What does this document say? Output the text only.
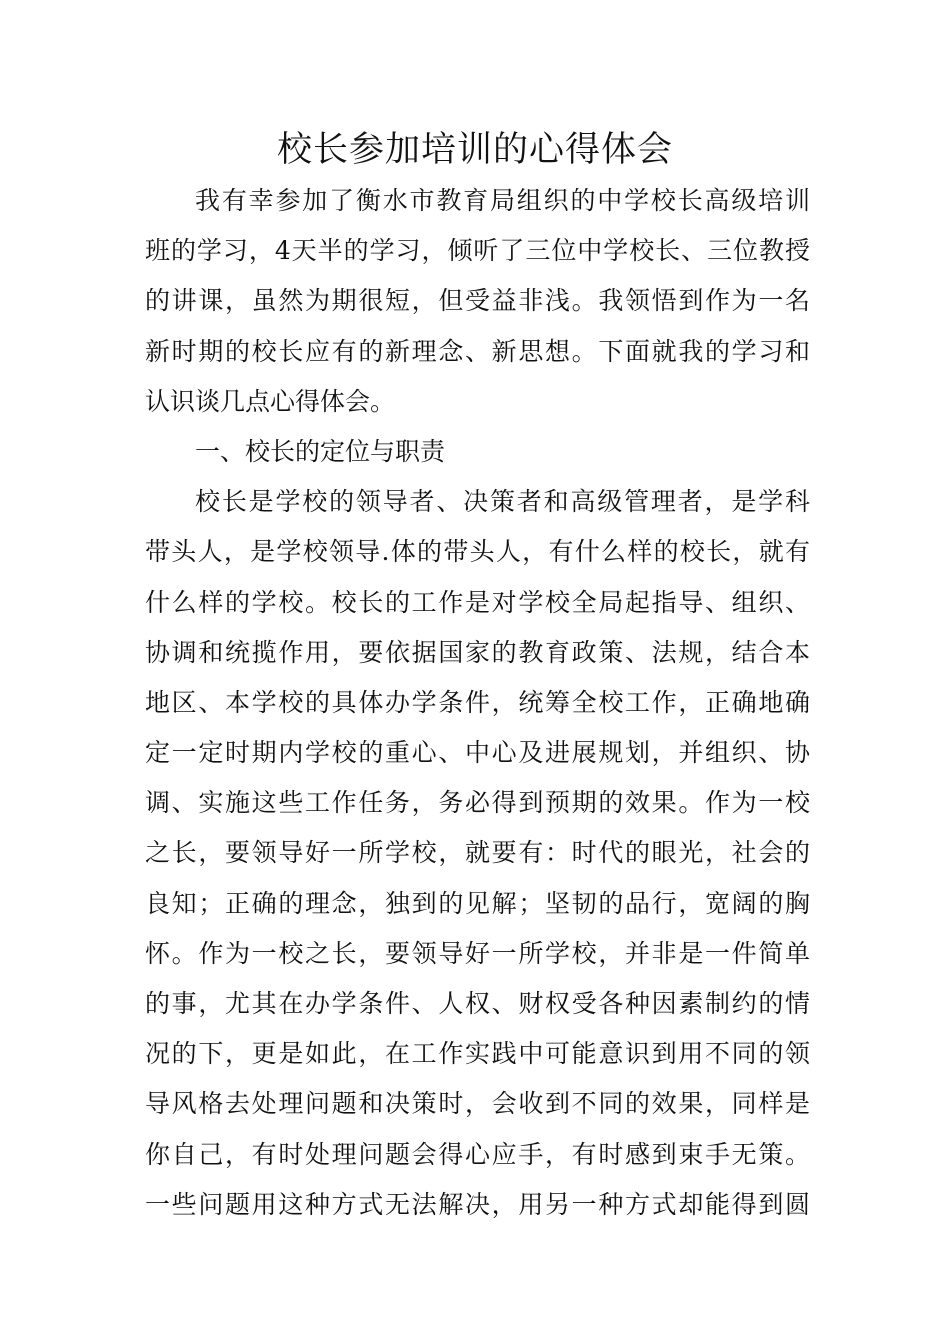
校长参加培训的心得体会
我有幸参加了衡水市教育局组织的中学校长高级培训
班的学习，4天半的学习，倾听了三位中学校长、三位教授
的讲课，虽然为期很短，但受益非浅。我领悟到作为一名
新时期的校长应有的新理念、新思想。下面就我的学习和
认识谈几点心得体会。
一、校长的定位与职责
校长是学校的领导者、决策者和高级管理者，是学科
带头人，是学校领导.体的带头人，有什么样的校长，就有
什么样的学校。校长的工作是对学校全局起指导、组织、
协调和统揽作用，要依据国家的教育政策、法规，结合本
地区、本学校的具体办学条件，统筹全校工作，正确地确
定一定时期内学校的重心、中心及进展规划，并组织、协
调、实施这些工作任务，务必得到预期的效果。作为一校
之长，要领导好一所学校，就要有：时代的眼光，社会的
良知；正确的理念，独到的见解；坚韧的品行，宽阔的胸
怀。作为一校之长，要领导好一所学校，并非是一件简单
的事，尤其在办学条件、人权、财权受各种因素制约的情
况的下，更是如此，在工作实践中可能意识到用不同的领
导风格去处理问题和决策时，会收到不同的效果，同样是
你自己，有时处理问题会得心应手，有时感到束手无策。
一些问题用这种方式无法解决，用另一种方式却能得到圆
